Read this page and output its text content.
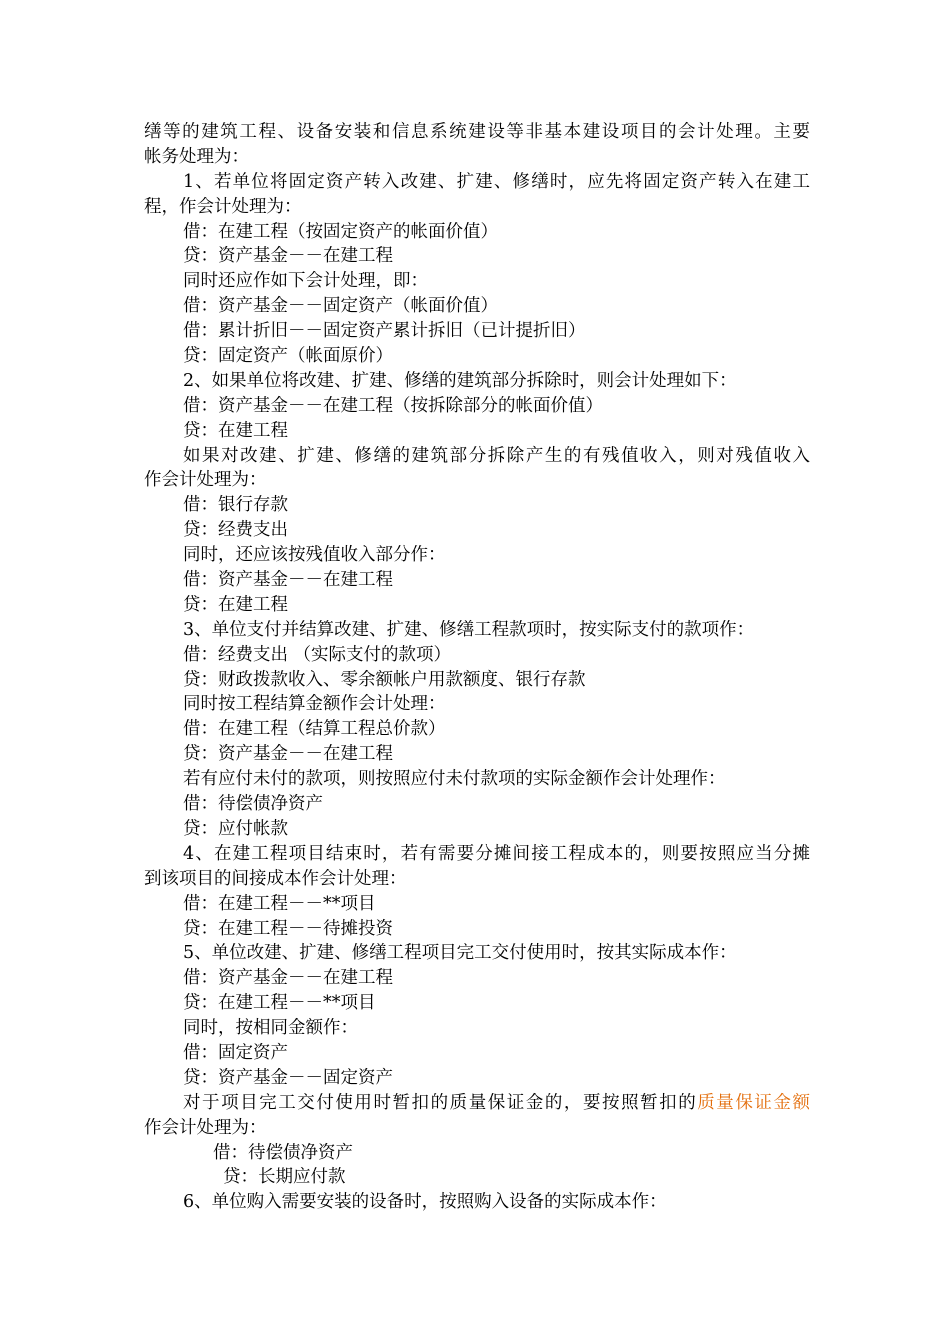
缮等的建筑工程、设备安装和信息系统建设等非基本建设项目的会计处理。主要
帐务处理为：
1、若单位将固定资产转入改建、扩建、修缮时，应先将固定资产转入在建工
程，作会计处理为：
借：在建工程（按固定资产的帐面价值）
贷：资产基金－－在建工程
同时还应作如下会计处理，即：
借：资产基金－－固定资产（帐面价值）
借：累计折旧－－固定资产累计拆旧（已计提折旧）
贷：固定资产（帐面原价）
2、如果单位将改建、扩建、修缮的建筑部分拆除时，则会计处理如下：
借：资产基金－－在建工程（按拆除部分的帐面价值）
贷：在建工程
如果对改建、扩建、修缮的建筑部分拆除产生的有残值收入，则对残值收入
作会计处理为：
借：银行存款
贷：经费支出
同时，还应该按残值收入部分作：
借：资产基金－－在建工程
贷：在建工程
3、单位支付并结算改建、扩建、修缮工程款项时，按实际支付的款项作：
借：经费支出 （实际支付的款项）
贷：财政拨款收入、零余额帐户用款额度、银行存款
同时按工程结算金额作会计处理：
借：在建工程（结算工程总价款）
贷：资产基金－－在建工程
若有应付未付的款项，则按照应付未付款项的实际金额作会计处理作：
借：待偿债净资产
贷：应付帐款
4、在建工程项目结束时，若有需要分摊间接工程成本的，则要按照应当分摊
到该项目的间接成本作会计处理：
借：在建工程－－**项目
贷：在建工程－－待摊投资
5、单位改建、扩建、修缮工程项目完工交付使用时，按其实际成本作：
借：资产基金－－在建工程
贷：在建工程－－**项目
同时，按相同金额作：
借：固定资产
贷：资产基金－－固定资产
对于项目完工交付使用时暂扣的质量保证金的，要按照暂扣的质量保证金额
作会计处理为：
借：待偿债净资产
贷：长期应付款
6、单位购入需要安装的设备时，按照购入设备的实际成本作：
